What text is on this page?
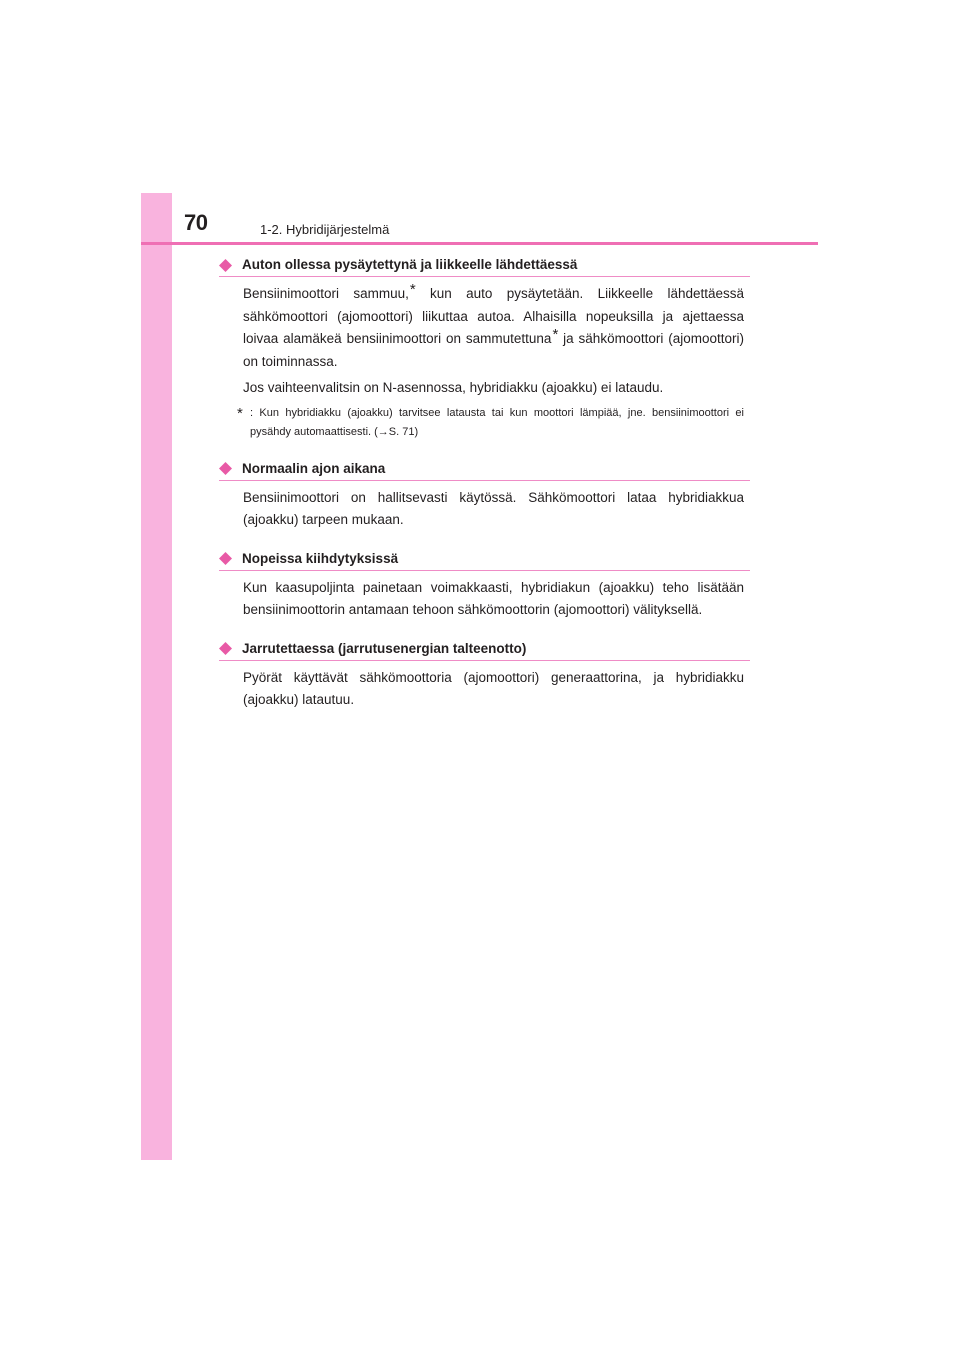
70	1-2. Hybridijärjestelmä
Auton ollessa pysäytettynä ja liikkeelle lähdettäessä

Bensiinimoottori sammuu,* kun auto pysäytetään. Liikkeelle lähdettäessä sähkömoottori (ajomoottori) liikuttaa autoa. Alhaisilla nopeuksilla ja ajettaessa loivaa alamäkeä bensiinimoottori on sammutettuna* ja sähkömoottori (ajomoottori) on toiminnassa.

Jos vaihteenvalitsin on N-asennossa, hybridiakku (ajoakku) ei lataudu.

* : Kun hybridiakku (ajoakku) tarvitsee latausta tai kun moottori lämpiää, jne. bensiinimoottori ei pysähdy automaattisesti. (→S. 71)
Normaalin ajon aikana

Bensiinimoottori on hallitsevasti käytössä. Sähkömoottori lataa hybridiakkua (ajoakku) tarpeen mukaan.

Nopeissa kiihdytyksissä

Kun kaasupoljinta painetaan voimakkaasti, hybridiakun (ajoakku) teho lisätään bensiinimoottorin antamaan tehoon sähkömoottorin (ajomoottori) välityksellä.

Jarrutettaessa (jarrutusenergian talteenotto)

Pyörät käyttävät sähkömoottoria (ajomoottori) generaattorina, ja hybridiakku (ajoakku) latautuu.
